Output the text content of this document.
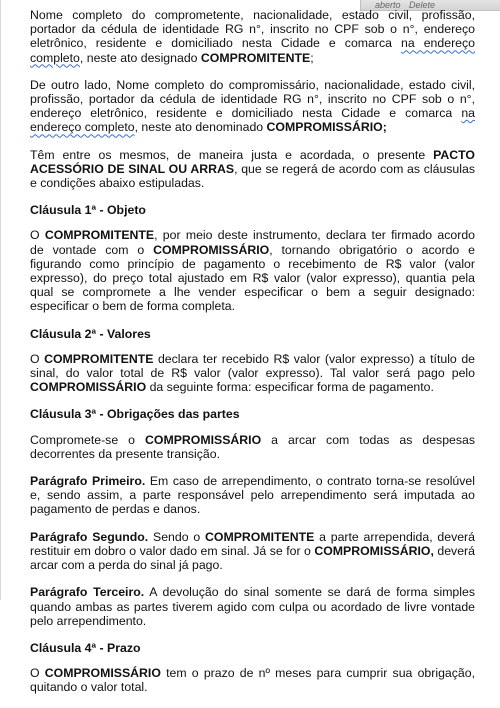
aberto Delete

Nome completo do comprometente, nacionalidade, estado civil, profissão, portador da cédula de identidade RG n°, inscrito no CPF sob o n°, endereço eletrônico, residente e domiciliado nesta Cidade e comarca na endereço completo, neste ato designado COMPROMITENTE;

De outro lado, Nome completo do compromissário, nacionalidade, estado civil, profissão, portador da cédula de identidade RG n°, inscrito no CPF sob o n°, endereço eletrônico, residente e domiciliado nesta Cidade e comarca na endereço completo, neste ato denominado COMPROMISSÁRIO;

Têm entre os mesmos, de maneira justa e acordada, o presente PACTO ACESSÓRIO DE SINAL OU ARRAS, que se regerá de acordo com as cláusulas e condições abaixo estipuladas.

Cláusula 1ª - Objeto

O COMPROMITENTE, por meio deste instrumento, declara ter firmado acordo de vontade com o COMPROMISSÁRIO, tornando obrigatório o acordo e figurando como princípio de pagamento o recebimento de R$ valor (valor expresso), do preço total ajustado em R$ valor (valor expresso), quantia pela qual se compromete a lhe vender especificar o bem a seguir designado: especificar o bem de forma completa.

Cláusula 2ª - Valores

O COMPROMITENTE declara ter recebido R$ valor (valor expresso) a título de sinal, do valor total de R$ valor (valor expresso). Tal valor será pago pelo COMPROMISSÁRIO da seguinte forma: especificar forma de pagamento.

Cláusula 3ª - Obrigações das partes

Compromete-se o COMPROMISSÁRIO a arcar com todas as despesas decorrentes da presente transição.

Parágrafo Primeiro. Em caso de arrependimento, o contrato torna-se resolúvel e, sendo assim, a parte responsável pelo arrependimento será imputada ao pagamento de perdas e danos.

Parágrafo Segundo. Sendo o COMPROMITENTE a parte arrependida, deverá restituir em dobro o valor dado em sinal. Já se for o COMPROMISSÁRIO, deverá arcar com a perda do sinal já pago.

Parágrafo Terceiro. A devolução do sinal somente se dará de forma simples quando ambas as partes tiverem agido com culpa ou acordado de livre vontade pelo arrependimento.

Cláusula 4ª - Prazo

O COMPROMISSÁRIO tem o prazo de nº meses para cumprir sua obrigação, quitando o valor total.
